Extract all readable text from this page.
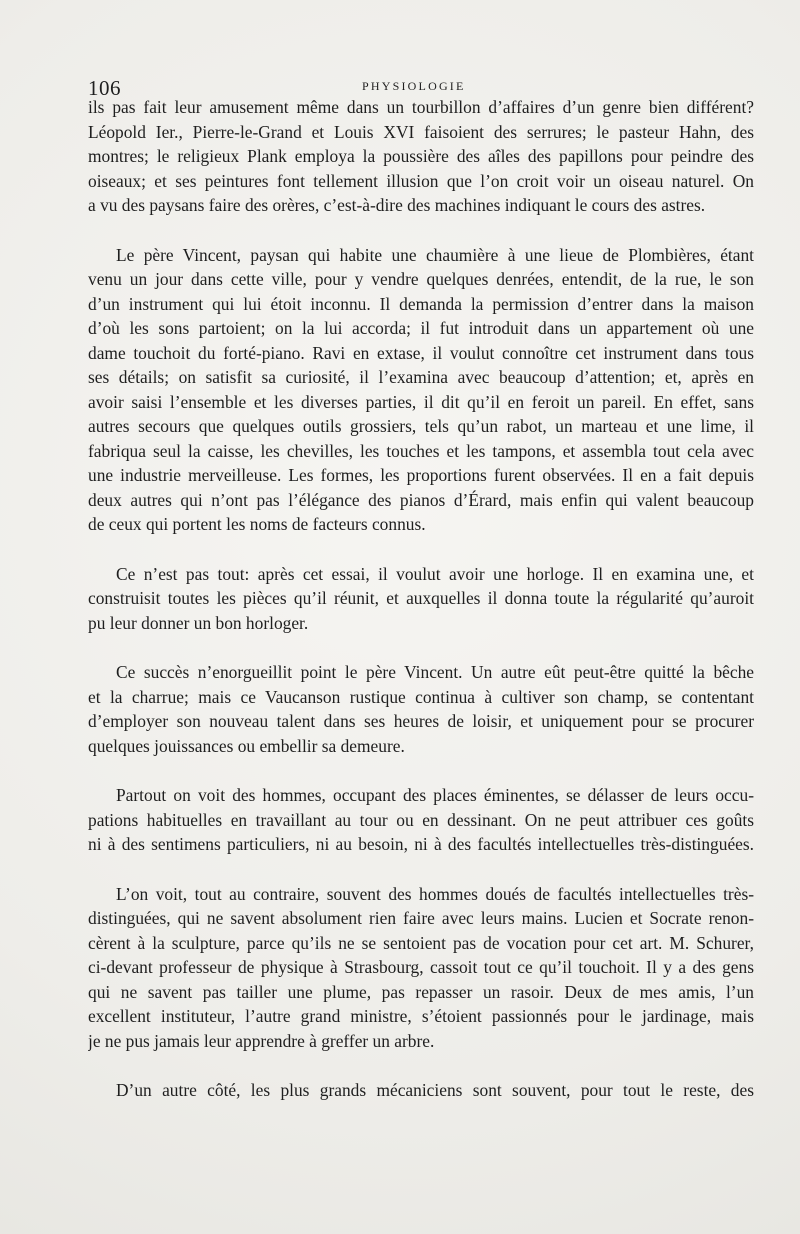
106	PHYSIOLOGIE
ils pas fait leur amusement même dans un tourbillon d’affaires d’un genre bien différent?
Léopold Ier., Pierre-le-Grand et Louis XVI faisoient des serrures; le pasteur Hahn, des
montres; le religieux Plank employa la poussière des aîles des papillons pour peindre des
oiseaux; et ses peintures font tellement illusion que l’on croit voir un oiseau naturel. On
a vu des paysans faire des orères, c’est-à-dire des machines indiquant le cours des astres.
Le père Vincent, paysan qui habite une chaumière à une lieue de Plombières, étant
venu un jour dans cette ville, pour y vendre quelques denrées, entendit, de la rue, le son
d’un instrument qui lui étoit inconnu. Il demanda la permission d’entrer dans la maison
d’où les sons partoient; on la lui accorda; il fut introduit dans un appartement où une
dame touchoit du forté-piano. Ravi en extase, il voulut connoître cet instrument dans tous
ses détails; on satisfit sa curiosité, il l’examina avec beaucoup d’attention; et, après en
avoir saisi l’ensemble et les diverses parties, il dit qu’il en feroit un pareil. En effet, sans
autres secours que quelques outils grossiers, tels qu’un rabot, un marteau et une lime, il
fabriqua seul la caisse, les chevilles, les touches et les tampons, et assembla tout cela avec
une industrie merveilleuse. Les formes, les proportions furent observées. Il en a fait depuis
deux autres qui n’ont pas l’élégance des pianos d’Érard, mais enfin qui valent beaucoup
de ceux qui portent les noms de facteurs connus.
Ce n’est pas tout: après cet essai, il voulut avoir une horloge. Il en examina une, et
construisit toutes les pièces qu’il réunit, et auxquelles il donna toute la régularité qu’auroit
pu leur donner un bon horloger.
Ce succès n’enorgueillit point le père Vincent. Un autre eût peut-être quitté la bêche
et la charrue; mais ce Vaucanson rustique continua à cultiver son champ, se contentant
d’employer son nouveau talent dans ses heures de loisir, et uniquement pour se procurer
quelques jouissances ou embellir sa demeure.
Partout on voit des hommes, occupant des places éminentes, se délasser de leurs occu-
pations habituelles en travaillant au tour ou en dessinant. On ne peut attribuer ces goûts
ni à des sentimens particuliers, ni au besoin, ni à des facultés intellectuelles très-distinguées.
L’on voit, tout au contraire, souvent des hommes doués de facultés intellectuelles très-
distinguées, qui ne savent absolument rien faire avec leurs mains. Lucien et Socrate renon-
cèrent à la sculpture, parce qu’ils ne se sentoient pas de vocation pour cet art. M. Schurer,
ci-devant professeur de physique à Strasbourg, cassoit tout ce qu’il touchoit. Il y a des gens
qui ne savent pas tailler une plume, pas repasser un rasoir. Deux de mes amis, l’un
excellent instituteur, l’autre grand ministre, s’étoient passionnés pour le jardinage, mais
je ne pus jamais leur apprendre à greffer un arbre.
D’un autre côté, les plus grands mécaniciens sont souvent, pour tout le reste, des
